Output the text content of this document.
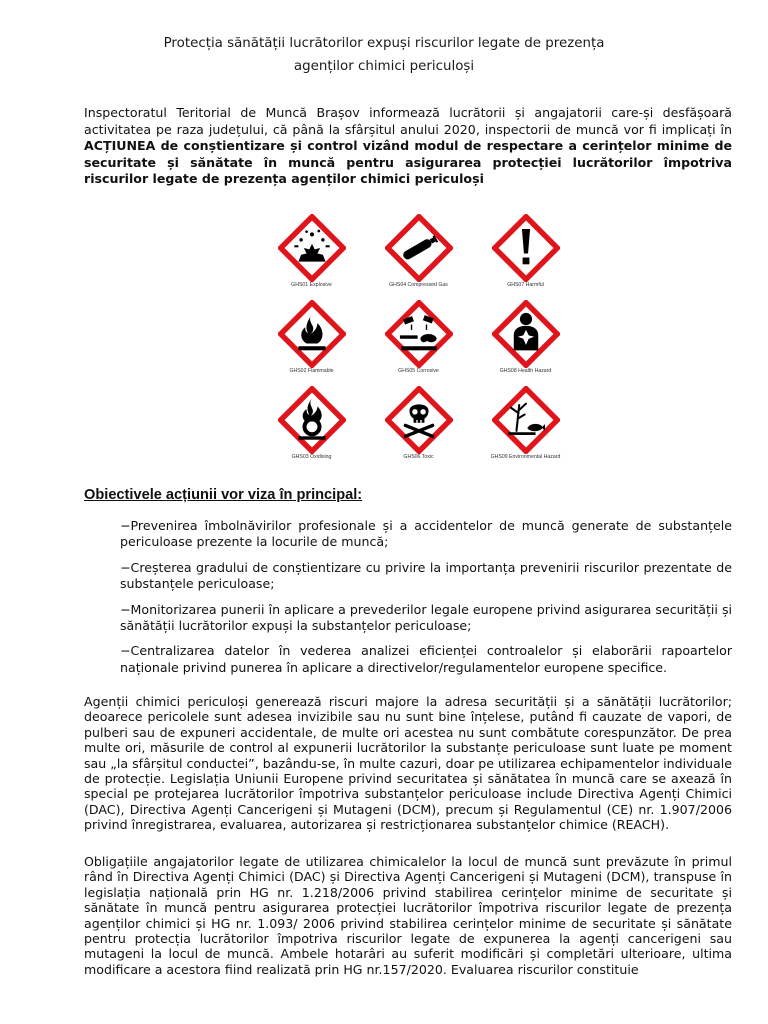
Protecția sănătății lucrătorilor expuși riscurilor legate de prezența
agenților chimici periculoși

Inspectoratul Teritorial de Muncă Brașov informează lucrătorii și angajatorii care-și desfășoară activitatea pe raza județului, că până la sfârșitul anului 2020, inspectorii de muncă vor fi implicați în ACȚIUNEA de conștientizare și control vizând modul de respectare a cerințelor minime de securitate și sănătate în muncă pentru asigurarea protecției lucrătorilor împotriva riscurilor legate de prezența agenților chimici periculoși

GHS01 Explosive	GHS04 Compressed Gas	GHS07 Harmful
GHS02 Flammable	GHS05 Corrosive	GHS08 Health Hazard
GHS03 Oxidising	GHS06 Toxic	GHS09 Environmental Hazard
Obiectivele acțiunii vor viza în principal:
−Prevenirea îmbolnăvirilor profesionale și a accidentelor de muncă generate de substanțele periculoase prezente la locurile de muncă;
−Creșterea gradului de conștientizare cu privire la importanța prevenirii riscurilor prezentate de substanțele periculoase;
−Monitorizarea punerii în aplicare a prevederilor legale europene privind asigurarea securității și sănătății lucrătorilor expuși la substanțelor periculoase;
−Centralizarea datelor în vederea analizei eficienței controalelor și elaborării rapoartelor naționale privind punerea în aplicare a directivelor/regulamentelor europene specifice.

Agenții chimici periculoși generează riscuri majore la adresa securității și a sănătății lucrătorilor; deoarece pericolele sunt adesea invizibile sau nu sunt bine înțelese, putând fi cauzate de vapori, de pulberi sau de expuneri accidentale, de multe ori acestea nu sunt combătute corespunzător. De prea multe ori, măsurile de control al expunerii lucrătorilor la substanțe periculoase sunt luate pe moment sau „la sfârșitul conductei”, bazându-se, în multe cazuri, doar pe utilizarea echipamentelor individuale de protecție. Legislația Uniunii Europene privind securitatea și sănătatea în muncă care se axează în special pe protejarea lucrătorilor împotriva substanțelor periculoase include Directiva Agenți Chimici (DAC), Directiva Agenți Cancerigeni și Mutageni (DCM), precum și Regulamentul (CE) nr. 1.907/2006 privind înregistrarea, evaluarea, autorizarea și restricționarea substanțelor chimice (REACH).

Obligațiile angajatorilor legate de utilizarea chimicalelor la locul de muncă sunt prevăzute în primul rând în Directiva Agenți Chimici (DAC) și Directiva Agenți Cancerigeni și Mutageni (DCM), transpuse în legislația națională prin HG nr. 1.218/2006 privind stabilirea cerințelor minime de securitate și sănătate în muncă pentru asigurarea protecției lucrătorilor împotriva riscurilor legate de prezența agenților chimici și HG nr. 1.093/ 2006 privind stabilirea cerințelor minime de securitate și sănătate pentru protecția lucrătorilor împotriva riscurilor legate de expunerea la agenți cancerigeni sau mutageni la locul de muncă. Ambele hotarâri au suferit modificări și completări ulterioare, ultima modificare a acestora fiind realizată prin HG nr.157/2020. Evaluarea riscurilor constituie
